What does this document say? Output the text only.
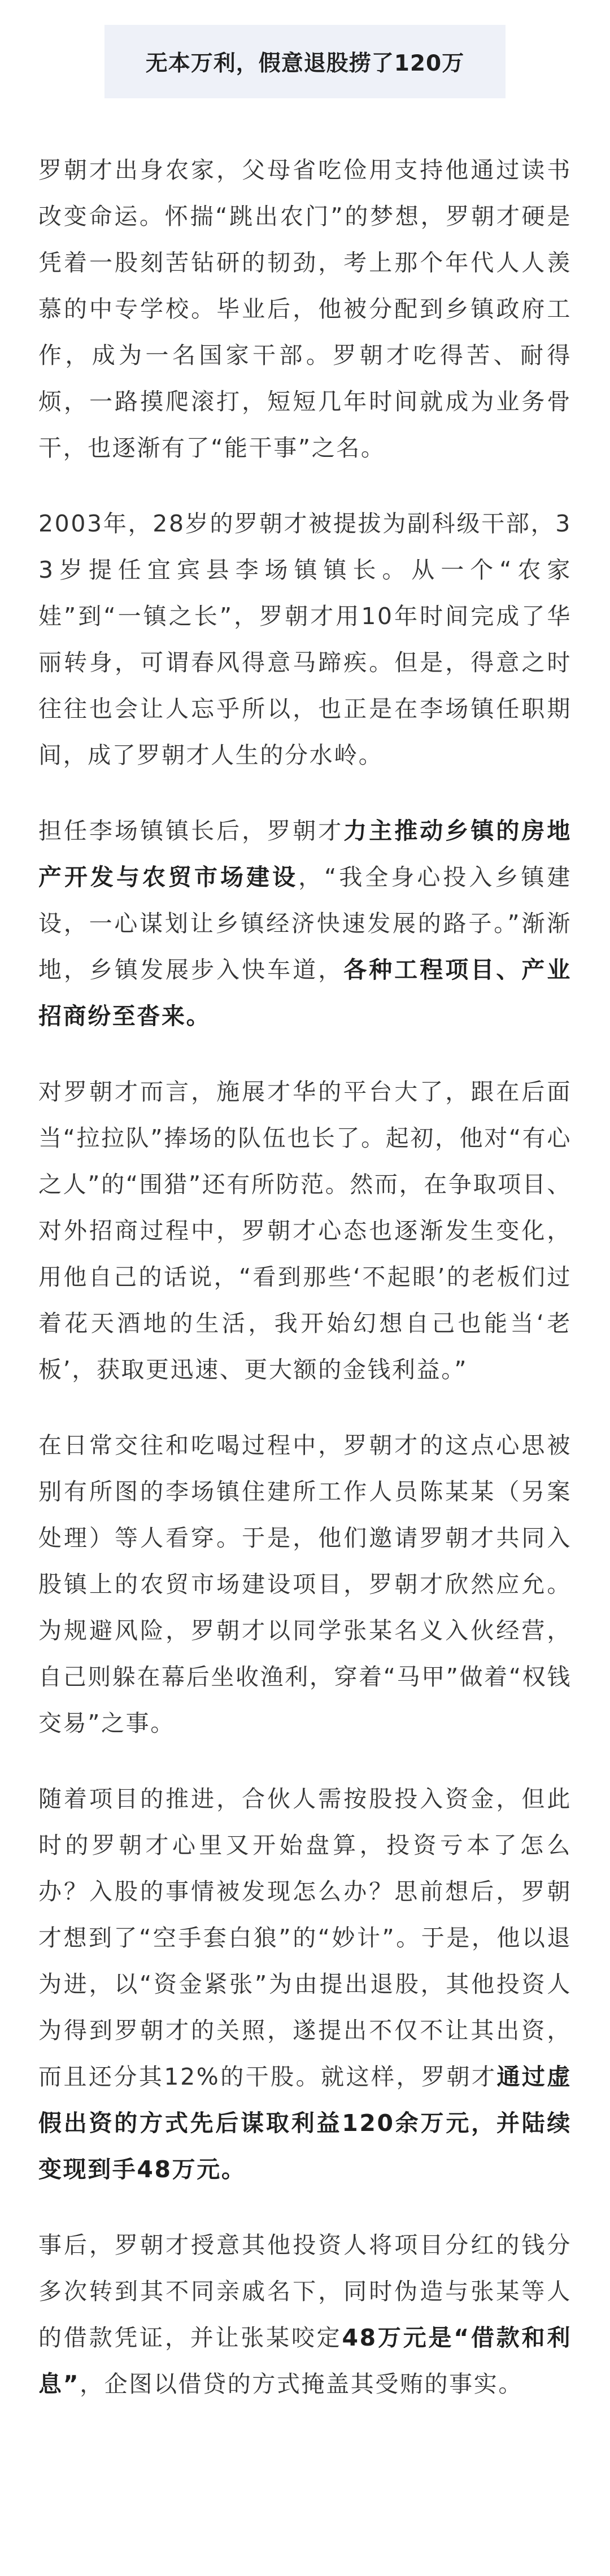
无本万利，假意退股捞了120万

罗朝才出身农家，父母省吃俭用支持他通过读书改变命运。怀揣“跳出农门”的梦想，罗朝才硬是凭着一股刻苦钻研的韧劲，考上那个年代人人羡慕的中专学校。毕业后，他被分配到乡镇政府工作，成为一名国家干部。罗朝才吃得苦、耐得烦，一路摸爬滚打，短短几年时间就成为业务骨干，也逐渐有了“能干事”之名。

2003年，28岁的罗朝才被提拔为副科级干部，33岁提任宜宾县李场镇镇长。从一个“农家娃”到“一镇之长”，罗朝才用10年时间完成了华丽转身，可谓春风得意马蹄疾。但是，得意之时往往也会让人忘乎所以，也正是在李场镇任职期间，成了罗朝才人生的分水岭。

担任李场镇镇长后，罗朝才力主推动乡镇的房地产开发与农贸市场建设，“我全身心投入乡镇建设，一心谋划让乡镇经济快速发展的路子。”渐渐地，乡镇发展步入快车道，各种工程项目、产业招商纷至沓来。

对罗朝才而言，施展才华的平台大了，跟在后面当“拉拉队”捧场的队伍也长了。起初，他对“有心之人”的“围猎”还有所防范。然而，在争取项目、对外招商过程中，罗朝才心态也逐渐发生变化，用他自己的话说，“看到那些‘不起眼’的老板们过着花天酒地的生活，我开始幻想自己也能当‘老板’，获取更迅速、更大额的金钱利益。”

在日常交往和吃喝过程中，罗朝才的这点心思被别有所图的李场镇住建所工作人员陈某某（另案处理）等人看穿。于是，他们邀请罗朝才共同入股镇上的农贸市场建设项目，罗朝才欣然应允。为规避风险，罗朝才以同学张某名义入伙经营，自己则躲在幕后坐收渔利，穿着“马甲”做着“权钱交易”之事。

随着项目的推进，合伙人需按股投入资金，但此时的罗朝才心里又开始盘算，投资亏本了怎么办？入股的事情被发现怎么办？思前想后，罗朝才想到了“空手套白狼”的“妙计”。于是，他以退为进，以“资金紧张”为由提出退股，其他投资人为得到罗朝才的关照，遂提出不仅不让其出资，而且还分其12%的干股。就这样，罗朝才通过虚假出资的方式先后谋取利益120余万元，并陆续变现到手48万元。

事后，罗朝才授意其他投资人将项目分红的钱分多次转到其不同亲戚名下，同时伪造与张某等人的借款凭证，并让张某咬定48万元是“借款和利息”，企图以借贷的方式掩盖其受贿的事实。
